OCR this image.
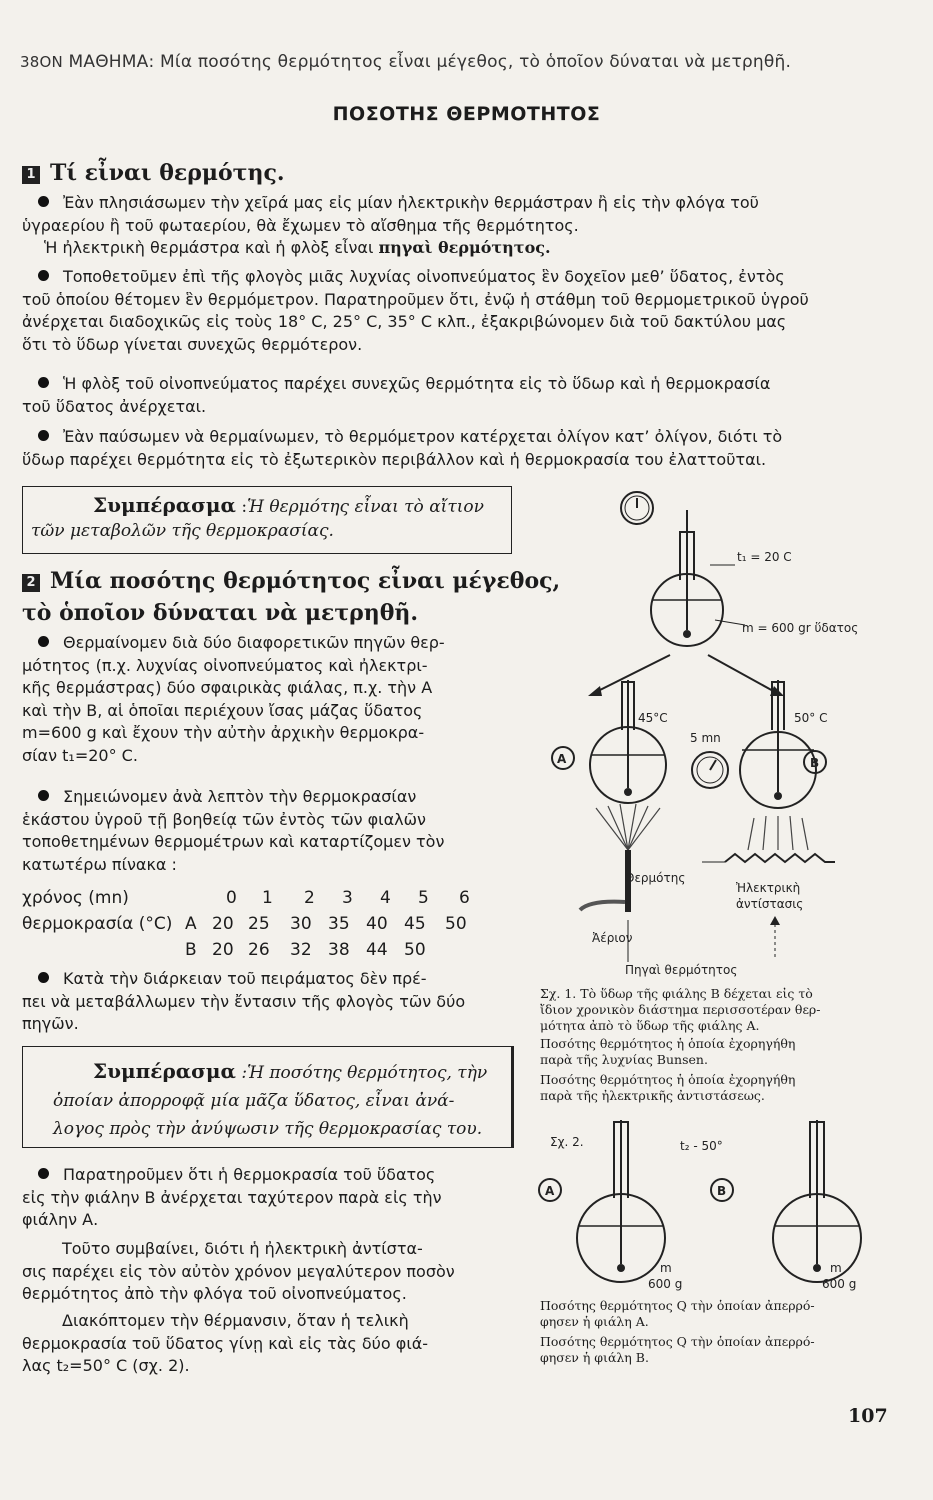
38ΟΝ ΜΑΘΗΜΑ: Μία ποσότης θερμότητος εἶναι μέγεθος, τὸ ὁποῖον δύναται νὰ μετρηθῆ.
ΠΟΣΟΤΗΣ ΘΕΡΜΟΤΗΤΟΣ
1 Τί εἶναι θερμότης.
Ἐὰν πλησιάσωμεν τὴν χεῖρά μας εἰς μίαν ἠλεκτρικὴν θερμάστραν ἢ εἰς τὴν φλόγα τοῦ
ὑγραερίου ἢ τοῦ φωταερίου, θὰ ἔχωμεν τὸ αἴσθημα τῆς θερμότητος.
Ἡ ἠλεκτρικὴ θερμάστρα καὶ ἡ φλὸξ εἶναι πηγαὶ θερμότητος.
Τοποθετοῦμεν ἐπὶ τῆς φλογὸς μιᾶς λυχνίας οἰνοπνεύματος ἓν δοχεῖον μεθ’ ὕδατος, ἐντὸς
τοῦ ὁποίου θέτομεν ἓν θερμόμετρον. Παρατηροῦμεν ὅτι, ἐνῷ ἡ στάθμη τοῦ θερμομετρικοῦ ὑγροῦ
ἀνέρχεται διαδοχικῶς εἰς τοὺς 18° C, 25° C, 35° C κλπ., ἐξακριβώνομεν διὰ τοῦ δακτύλου μας
ὅτι τὸ ὕδωρ γίνεται συνεχῶς θερμότερον.
Ἡ φλὸξ τοῦ οἰνοπνεύματος παρέχει συνεχῶς θερμότητα εἰς τὸ ὕδωρ καὶ ἡ θερμοκρασία
τοῦ ὕδατος ἀνέρχεται.
Ἐὰν παύσωμεν νὰ θερμαίνωμεν, τὸ θερμόμετρον κατέρχεται ὀλίγον κατ’ ὀλίγον, διότι τὸ
ὕδωρ παρέχει θερμότητα εἰς τὸ ἐξωτερικὸν περιβάλλον καὶ ἡ θερμοκρασία του ἐλαττοῦται.
Συμπέρασμα :Ἡ θερμότης εἶναι τὸ αἴτιον
τῶν μεταβολῶν τῆς θερμοκρασίας.
2 Μία ποσότης θερμότητος εἶναι μέγεθος,
τὸ ὁποῖον δύναται νὰ μετρηθῆ.
Θερμαίνομεν διὰ δύο διαφορετικῶν πηγῶν θερ-
μότητος (π.χ. λυχνίας οἰνοπνεύματος καὶ ἠλεκτρι-
κῆς θερμάστρας) δύο σφαιρικὰς φιάλας, π.χ. τὴν Α
καὶ τὴν Β, αἱ ὁποῖαι περιέχουν ἴσας μάζας ὕδατος
m=600 g καὶ ἔχουν τὴν αὐτὴν ἀρχικὴν θερμοκρα-
σίαν t₁=20° C.
Σημειώνομεν ἀνὰ λεπτὸν τὴν θερμοκρασίαν
ἑκάστου ὑγροῦ τῇ βοηθείᾳ τῶν ἐντὸς τῶν φιαλῶν
τοποθετημένων θερμομέτρων καὶ καταρτίζομεν τὸν
κατωτέρω πίνακα :
χρόνος (mn)
θερμοκρασία (°C) A
B
0 1 2 3 4 5 6
20 25 30 35 40 45 50
20 26 32 38 44 50
Κατὰ τὴν διάρκειαν τοῦ πειράματος δὲν πρέ-
πει νὰ μεταβάλλωμεν τὴν ἔντασιν τῆς φλογὸς τῶν δύο
πηγῶν.
Συμπέρασμα :Ἡ ποσότης θερμότητος, τὴν
ὁποίαν ἀπορροφᾷ μία μᾶζα ὕδατος, εἶναι ἀνά-
λογος πρὸς τὴν ἀνύψωσιν τῆς θερμοκρασίας του.
Παρατηροῦμεν ὅτι ἡ θερμοκρασία τοῦ ὕδατος
εἰς τὴν φιάλην Β ἀνέρχεται ταχύτερον παρὰ εἰς τὴν
φιάλην Α.
Τοῦτο συμβαίνει, διότι ἡ ἠλεκτρικὴ ἀντίστα-
σις παρέχει εἰς τὸν αὐτὸν χρόνον μεγαλύτερον ποσὸν
θερμότητος ἀπὸ τὴν φλόγα τοῦ οἰνοπνεύματος.
Διακόπτομεν τὴν θέρμανσιν, ὅταν ἡ τελικὴ
θερμοκρασία τοῦ ὕδατος γίνῃ καὶ εἰς τὰς δύο φιά-
λας t₂=50° C (σχ. 2).
t₁ = 20 C
m = 600 gr ὕδατος
A
45°C
5 mn
B
50° C
Θερμότης
Ἠλεκτρικὴ
ἀντίστασις
Ἀέριον
Πηγαὶ θερμότητος
Σχ. 1. Τὸ ὕδωρ τῆς φιάλης Β δέχεται εἰς τὸ
ἴδιον χρονικὸν διάστημα περισσοτέραν θερ-
μότητα ἀπὸ τὸ ὕδωρ τῆς φιάλης Α.
Ποσότης θερμότητος ἡ ὁποία ἐχορηγήθη
παρὰ τῆς λυχνίας Bunsen.
Ποσότης θερμότητος ἡ ὁποία ἐχορηγήθη
παρὰ τῆς ἠλεκτρικῆς ἀντιστάσεως.
Σχ. 2.	t₂ - 50°
A	B
m
600 g
m
600 g
Ποσότης θερμότητος Q τὴν ὁποίαν ἀπερρό-
φησεν ἡ φιάλη Α.
Ποσότης θερμότητος Q τὴν ὁποίαν ἀπερρό-
φησεν ἡ φιάλη Β.
107
